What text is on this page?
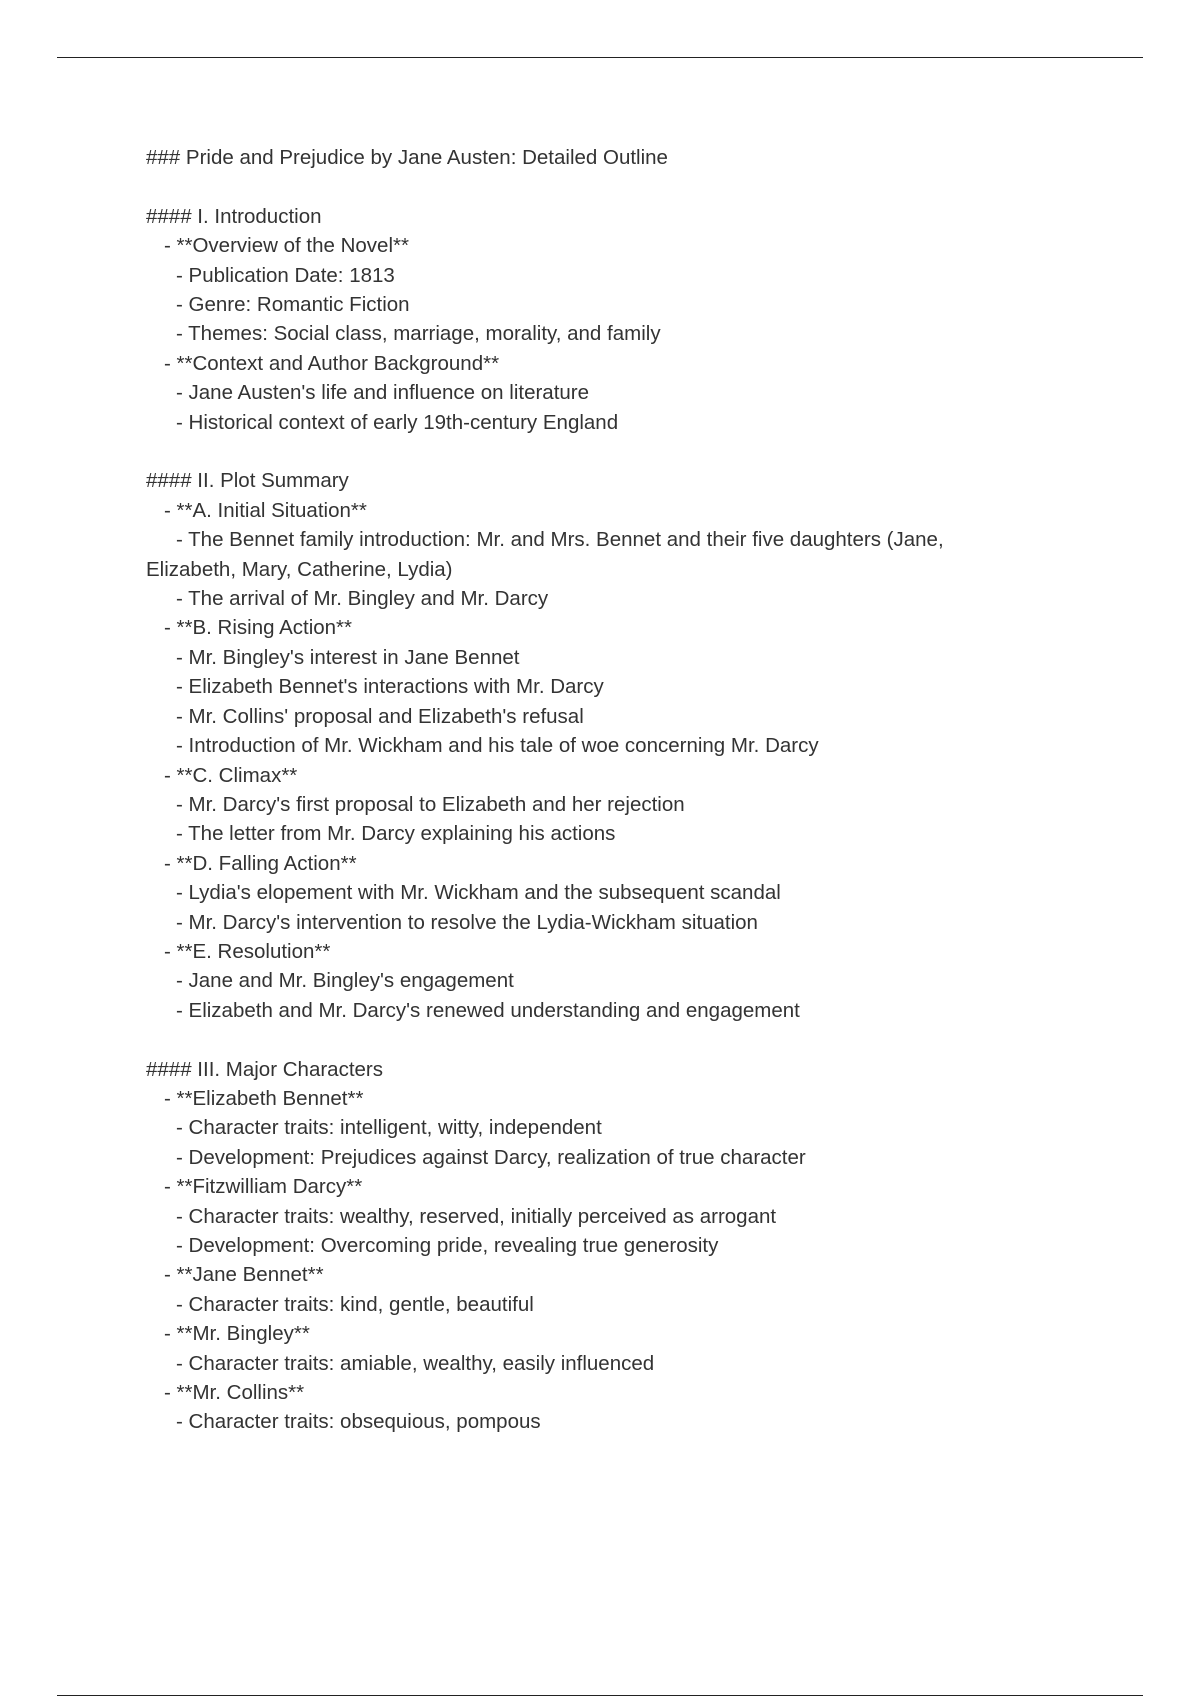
### Pride and Prejudice by Jane Austen: Detailed Outline

#### I. Introduction

- **Overview of the Novel**

- Publication Date: 1813

- Genre: Romantic Fiction

- Themes: Social class, marriage, morality, and family

- **Context and Author Background**

- Jane Austen's life and influence on literature

- Historical context of early 19th-century England

#### II. Plot Summary

- **A. Initial Situation**

- The Bennet family introduction: Mr. and Mrs. Bennet and their five daughters (Jane,
Elizabeth, Mary, Catherine, Lydia)

- The arrival of Mr. Bingley and Mr. Darcy

- **B. Rising Action**

- Mr. Bingley's interest in Jane Bennet

- Elizabeth Bennet's interactions with Mr. Darcy

- Mr. Collins' proposal and Elizabeth's refusal

- Introduction of Mr. Wickham and his tale of woe concerning Mr. Darcy

- **C. Climax**

- Mr. Darcy's first proposal to Elizabeth and her rejection

- The letter from Mr. Darcy explaining his actions

- **D. Falling Action**

- Lydia's elopement with Mr. Wickham and the subsequent scandal

- Mr. Darcy's intervention to resolve the Lydia-Wickham situation

- **E. Resolution**

- Jane and Mr. Bingley's engagement

- Elizabeth and Mr. Darcy's renewed understanding and engagement

#### III. Major Characters

- **Elizabeth Bennet**

- Character traits: intelligent, witty, independent

- Development: Prejudices against Darcy, realization of true character

- **Fitzwilliam Darcy**

- Character traits: wealthy, reserved, initially perceived as arrogant

- Development: Overcoming pride, revealing true generosity

- **Jane Bennet**

- Character traits: kind, gentle, beautiful

- **Mr. Bingley**

- Character traits: amiable, wealthy, easily influenced

- **Mr. Collins**

- Character traits: obsequious, pompous
